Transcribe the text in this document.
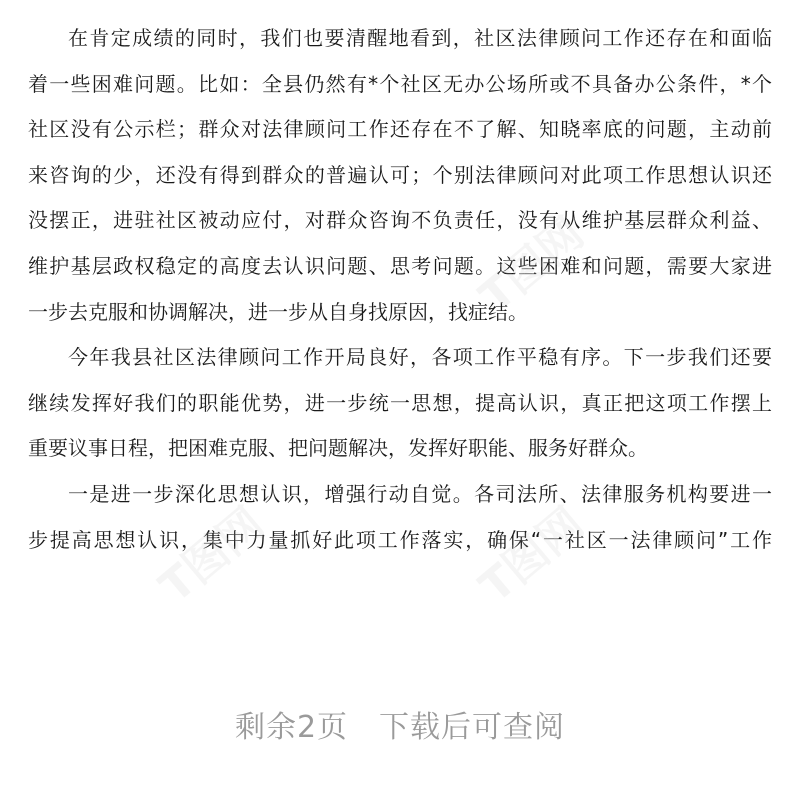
在肯定成绩的同时，我们也要清醒地看到，社区法律顾问工作还存在和面临
着一些困难问题。比如：全县仍然有*个社区无办公场所或不具备办公条件，*个
社区没有公示栏；群众对法律顾问工作还存在不了解、知晓率底的问题，主动前
来咨询的少，还没有得到群众的普遍认可；个别法律顾问对此项工作思想认识还
没摆正，进驻社区被动应付，对群众咨询不负责任，没有从维护基层群众利益、
维护基层政权稳定的高度去认识问题、思考问题。这些困难和问题，需要大家进
一步去克服和协调解决，进一步从自身找原因，找症结。
今年我县社区法律顾问工作开局良好，各项工作平稳有序。下一步我们还要
继续发挥好我们的职能优势，进一步统一思想，提高认识，真正把这项工作摆上
重要议事日程，把困难克服、把问题解决，发挥好职能、服务好群众。
一是进一步深化思想认识，增强行动自觉。各司法所、法律服务机构要进一
步提高思想认识，集中力量抓好此项工作落实，确保“一社区一法律顾问”工作
T图网	T图网
T图网
剩余2页　下载后可查阅
